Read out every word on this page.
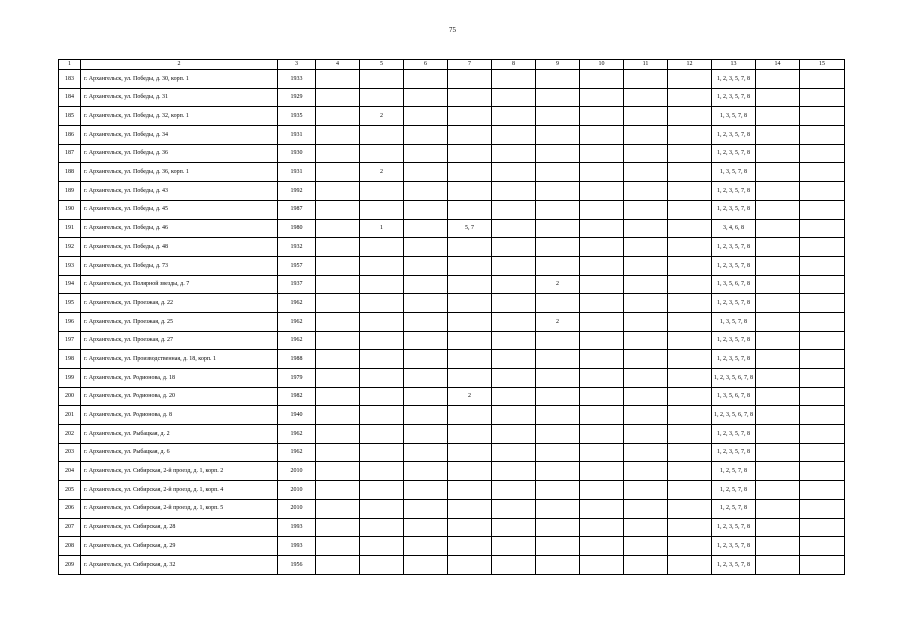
75
1	2	3	4	5	6	7	8	9	10	11	12	13	14	15
183	г. Архангельск, ул. Победы, д. 30, корп. 1	1933										1, 2, 3, 5, 7, 8		
184	г. Архангельск, ул. Победы, д. 31	1929										1, 2, 3, 5, 7, 8		
185	г. Архангельск, ул. Победы, д. 32, корп. 1	1935		2								1, 3, 5, 7, 8		
186	г. Архангельск, ул. Победы, д. 34	1931										1, 2, 3, 5, 7, 8		
187	г. Архангельск, ул. Победы, д. 36	1930										1, 2, 3, 5, 7, 8		
188	г. Архангельск, ул. Победы, д. 36, корп. 1	1931		2								1, 3, 5, 7, 8		
189	г. Архангельск, ул. Победы, д. 43	1992										1, 2, 3, 5, 7, 8		
190	г. Архангельск, ул. Победы, д. 45	1987										1, 2, 3, 5, 7, 8		
191	г. Архангельск, ул. Победы, д. 46	1980		1		5, 7						3, 4, 6, 8		
192	г. Архангельск, ул. Победы, д. 48	1932										1, 2, 3, 5, 7, 8		
193	г. Архангельск, ул. Победы, д. 73	1957										1, 2, 3, 5, 7, 8		
194	г. Архангельск, ул. Полярной звезды, д. 7	1937						2				1, 3, 5, 6, 7, 8		
195	г. Архангельск, ул. Проезжая, д. 22	1962										1, 2, 3, 5, 7, 8		
196	г. Архангельск, ул. Проезжая, д. 25	1962						2				1, 3, 5, 7, 8		
197	г. Архангельск, ул. Проезжая, д. 27	1962										1, 2, 3, 5, 7, 8		
198	г. Архангельск, ул. Производственная, д. 18, корп. 1	1988										1, 2, 3, 5, 7, 8		
199	г. Архангельск, ул. Родионова, д. 18	1979										1, 2, 3, 5, 6, 7, 8		
200	г. Архангельск, ул. Родионова, д. 20	1982				2						1, 3, 5, 6, 7, 8		
201	г. Архангельск, ул. Родионова, д. 8	1940										1, 2, 3, 5, 6, 7, 8		
202	г. Архангельск, ул. Рыбацкая, д. 2	1962										1, 2, 3, 5, 7, 8		
203	г. Архангельск, ул. Рыбацкая, д. 6	1962										1, 2, 3, 5, 7, 8		
204	г. Архангельск, ул. Сибирская, 2-й проезд, д. 1, корп. 2	2010										1, 2, 5, 7, 8		
205	г. Архангельск, ул. Сибирская, 2-й проезд, д. 1, корп. 4	2010										1, 2, 5, 7, 8		
206	г. Архангельск, ул. Сибирская, 2-й проезд, д. 1, корп. 5	2010										1, 2, 5, 7, 8		
207	г. Архангельск, ул. Сибирская, д. 28	1993										1, 2, 3, 5, 7, 8		
208	г. Архангельск, ул. Сибирская, д. 29	1993										1, 2, 3, 5, 7, 8		
209	г. Архангельск, ул. Сибирская, д. 32	1956										1, 2, 3, 5, 7, 8		
